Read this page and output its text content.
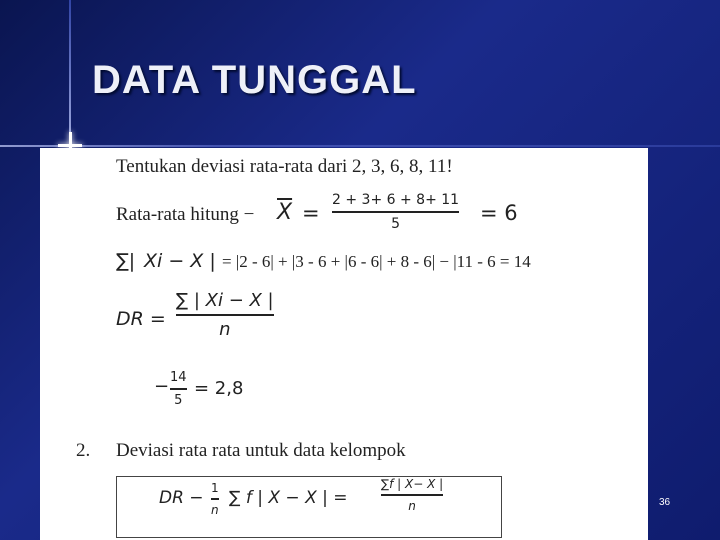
DATA TUNGGAL
Tentukan deviasi rata-rata dari 2, 3, 6, 8, 11!
Rata-rata hitung − $\overline{X}$ =
2 + 3+ 6 + 8+ 11
5	= 6
∑| Xi − X | = |2 - 6| + |3 - 6 + |6 - 6| + 8 - 6| − |11 - 6 = 14
DR =
∑ | Xi − X |
n
− 14
5
= 2,8
2. Deviasi rata rata untuk data kelompok
DR − 1
n
∑ f | X − X | =
∑f | X− X |
n	36
